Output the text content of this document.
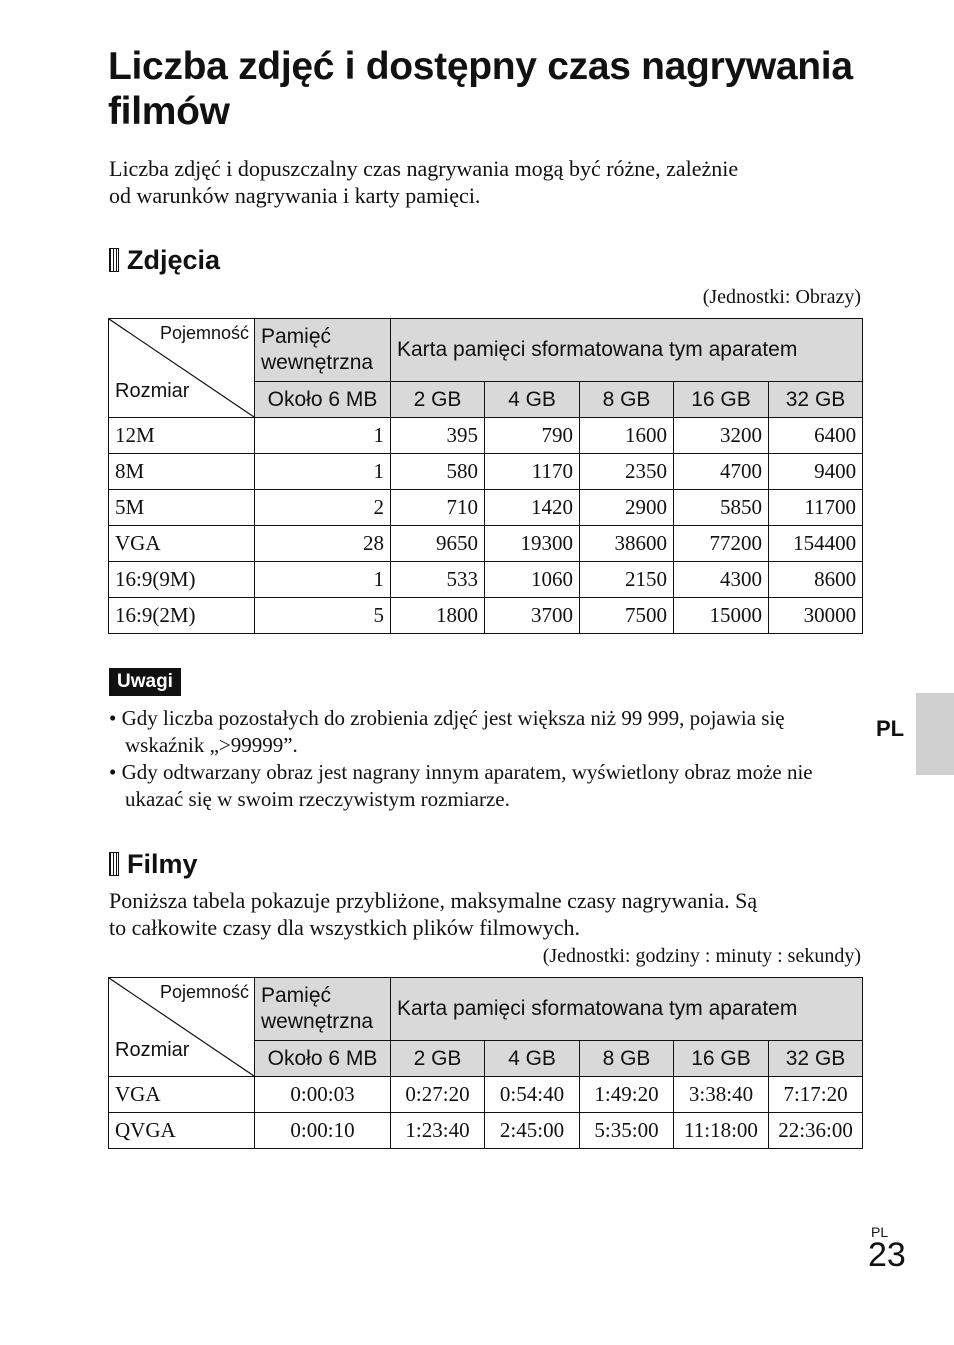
Liczba zdjęć i dostępny czas nagrywania filmów
Liczba zdjęć i dopuszczalny czas nagrywania mogą być różne, zależnie
od warunków nagrywania i karty pamięci.
Zdjęcia
(Jednostki: Obrazy)
Pojemność
Rozmiar	Pamięć wewnętrzna	Karta pamięci sformatowana tym aparatem				
	Około 6 MB	2 GB	4 GB	8 GB	16 GB	32 GB
12M	1	395	790	1600	3200	6400
8M	1	580	1170	2350	4700	9400
5M	2	710	1420	2900	5850	11700
VGA	28	9650	19300	38600	77200	154400
16:9(9M)	1	533	1060	2150	4300	8600
16:9(2M)	5	1800	3700	7500	15000	30000
Uwagi
• Gdy liczba pozostałych do zrobienia zdjęć jest większa niż 99 999, pojawia się wskaźnik „>99999”.
• Gdy odtwarzany obraz jest nagrany innym aparatem, wyświetlony obraz może nie ukazać się w swoim rzeczywistym rozmiarze.
PL
Filmy
Poniższa tabela pokazuje przybliżone, maksymalne czasy nagrywania. Są
to całkowite czasy dla wszystkich plików filmowych.
(Jednostki: godziny : minuty : sekundy)
Pojemność
Rozmiar	Pamięć wewnętrzna	Karta pamięci sformatowana tym aparatem				
	Około 6 MB	2 GB	4 GB	8 GB	16 GB	32 GB
VGA	0:00:03	0:27:20	0:54:40	1:49:20	3:38:40	7:17:20
QVGA	0:00:10	1:23:40	2:45:00	5:35:00	11:18:00	22:36:00
PL
23
